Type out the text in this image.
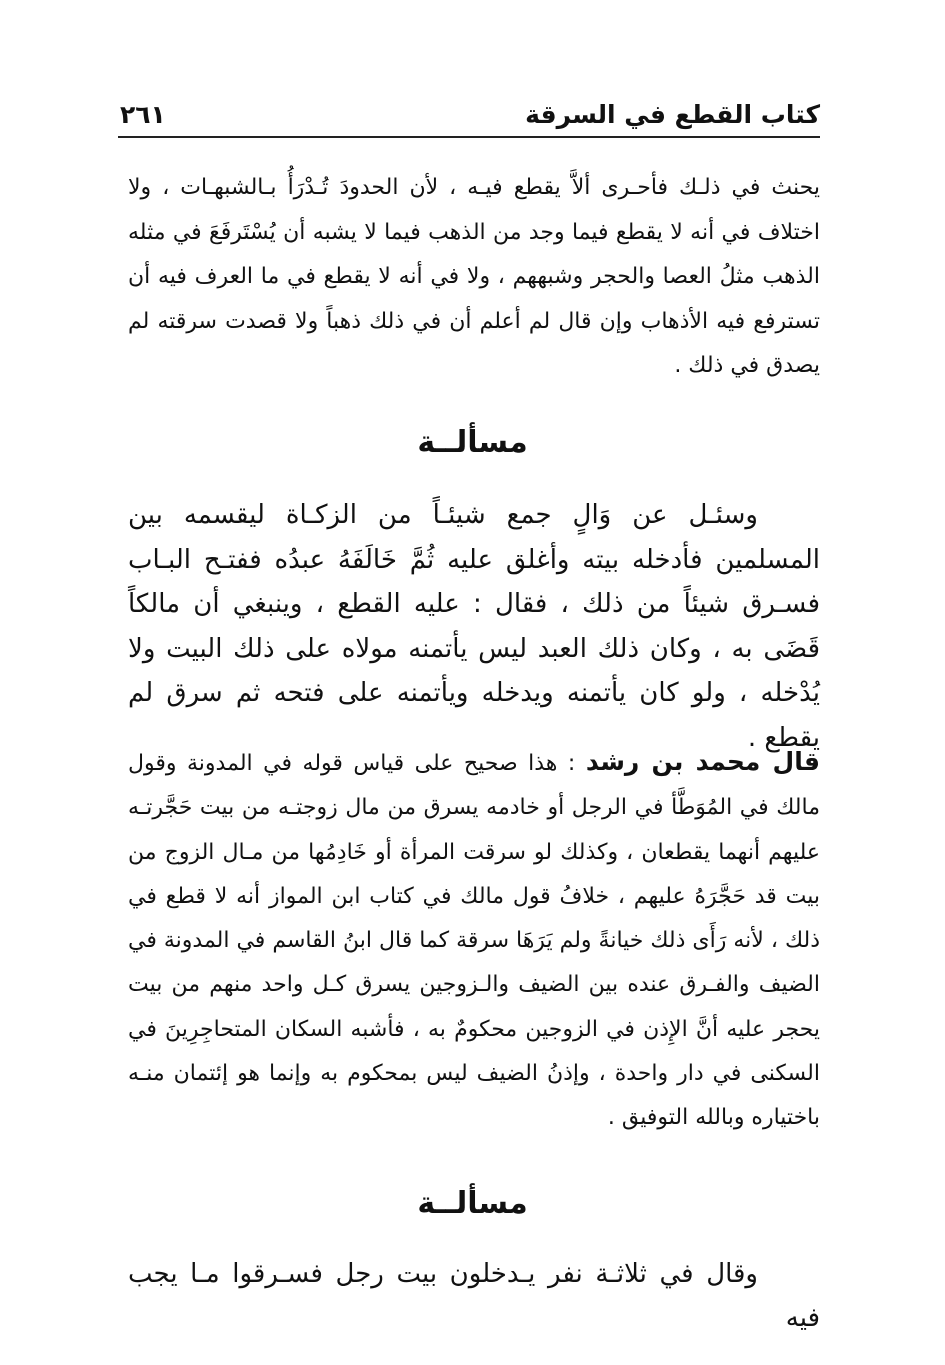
كتاب القطع في السرقة
٢٦١

يحنث في ذلـك فأحـرى ألاَّ يقطع فيـه ، لأن الحدودَ تُـدْرَأُ بـالشبهـات ، ولا اختلاف في أنه لا يقطع فيما وجد من الذهب فيما لا يشبه أن يُسْتَرفَعَ في مثله الذهب مثلُ العصا والحجر وشبههم ، ولا في أنه لا يقطع في ما العرف فيه أن تسترفع فيه الأذهاب وإن قال لم أعلم أن في ذلك ذهباً ولا قصدت سرقته لم يصدق في ذلك .

مسألــة

وسئـل عن وَالٍ جمع شيئـاً من الزكـاة ليقسمه بين المسلمين فأدخله بيته وأغلق عليه ثُمَّ خَالَفَهُ عبدُه ففتـح البـاب فسـرق شيئاً من ذلك ، فقال : عليه القطع ، وينبغي أن مالكاً قَضَى به ، وكان ذلك العبد ليس يأتمنه مولاه على ذلك البيت ولا يُدْخله ، ولو كان يأتمنه ويدخله ويأتمنه على فتحه ثم سرق لم يقطع .

قال محمد بن رشد : هذا صحيح على قياس قوله في المدونة وقول مالك في المُوَطَّأ في الرجل أو خادمه يسرق من مال زوجتـه من بيت حَجَّرتـه عليهم أنهما يقطعان ، وكذلك لو سرقت المرأة أو خَادِمُها من مـال الزوج من بيت قد حَجَّرَهُ عليهم ، خلافُ قول مالك في كتاب ابن المواز أنه لا قطع في ذلك ، لأنه رَأَى ذلك خيانةً ولم يَرَهَا سرقة كما قال ابنُ القاسم في المدونة في الضيف والفـرق عنده بين الضيف والـزوجين يسرق كـل واحد منهم من بيت يحجر عليه أنَّ الإِذن في الزوجين محكومٌ به ، فأشبه السكان المتحاجِرِينَ في السكنى في دار واحدة ، وإذنُ الضيف ليس بمحكوم به وإنما هو إئتمان منـه باختياره وبالله التوفيق .

مسألــة

وقال في ثلاثـة نفر يـدخلون بيت رجل فسـرقوا مـا يجب فيه
